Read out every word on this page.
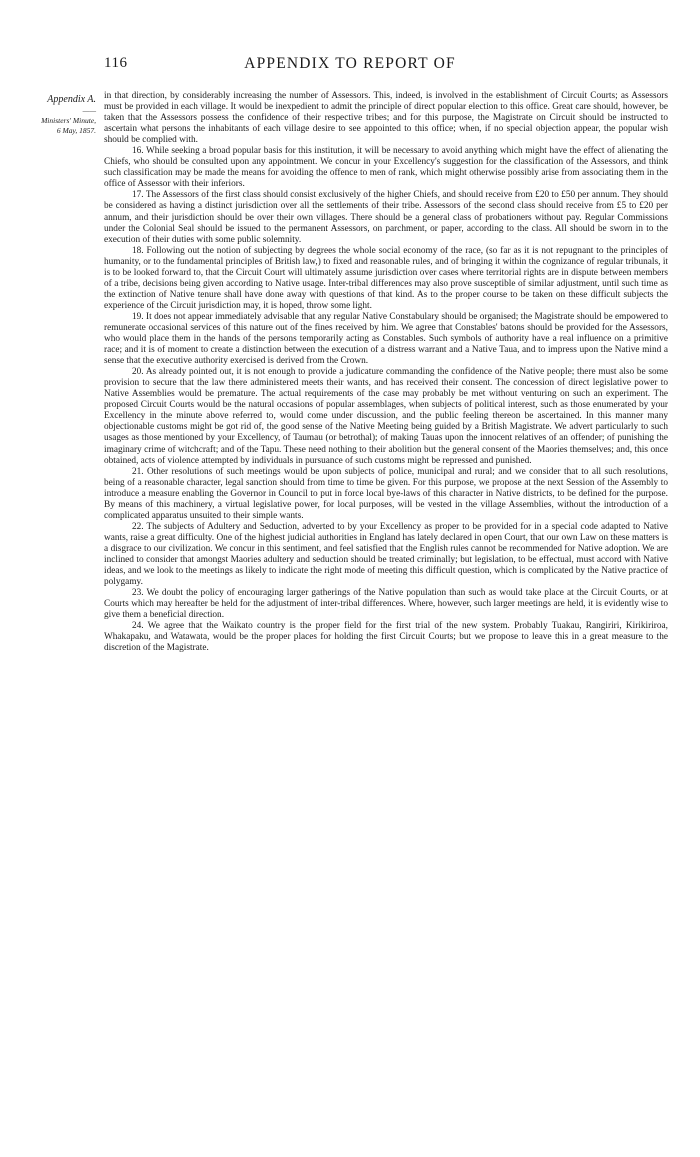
APPENDIX TO REPORT OF
116
Appendix A.
——
Ministers' Minute,
6 May, 1857.

in that direction, by considerably increasing the number of Assessors. This, indeed, is involved in the establishment of Circuit Courts; as Assessors must be provided in each village. It would be inexpedient to admit the principle of direct popular election to this office. Great care should, however, be taken that the Assessors possess the confidence of their respective tribes; and for this purpose, the Magistrate on Circuit should be instructed to ascertain what persons the inhabitants of each village desire to see appointed to this office; when, if no special objection appear, the popular wish should be complied with.

16. While seeking a broad popular basis for this institution, it will be necessary to avoid anything which might have the effect of alienating the Chiefs, who should be consulted upon any appointment. We concur in your Excellency's suggestion for the classification of the Assessors, and think such classification may be made the means for avoiding the offence to men of rank, which might otherwise possibly arise from associating them in the office of Assessor with their inferiors.

17. The Assessors of the first class should consist exclusively of the higher Chiefs, and should receive from £20 to £50 per annum. They should be considered as having a distinct jurisdiction over all the settlements of their tribe. Assessors of the second class should receive from £5 to £20 per annum, and their jurisdiction should be over their own villages. There should be a general class of probationers without pay. Regular Commissions under the Colonial Seal should be issued to the permanent Assessors, on parchment, or paper, according to the class. All should be sworn in to the execution of their duties with some public solemnity.

18. Following out the notion of subjecting by degrees the whole social economy of the race, (so far as it is not repugnant to the principles of humanity, or to the fundamental principles of British law,) to fixed and reasonable rules, and of bringing it within the cognizance of regular tribunals, it is to be looked forward to, that the Circuit Court will ultimately assume jurisdiction over cases where territorial rights are in dispute between members of a tribe, decisions being given according to Native usage. Inter-tribal differences may also prove susceptible of similar adjustment, until such time as the extinction of Native tenure shall have done away with questions of that kind. As to the proper course to be taken on these difficult subjects the experience of the Circuit jurisdiction may, it is hoped, throw some light.

19. It does not appear immediately advisable that any regular Native Constabulary should be organised; the Magistrate should be empowered to remunerate occasional services of this nature out of the fines received by him. We agree that Constables' batons should be provided for the Assessors, who would place them in the hands of the persons temporarily acting as Constables. Such symbols of authority have a real influence on a primitive race; and it is of moment to create a distinction between the execution of a distress warrant and a Native Taua, and to impress upon the Native mind a sense that the executive authority exercised is derived from the Crown.

20. As already pointed out, it is not enough to provide a judicature commanding the confidence of the Native people; there must also be some provision to secure that the law there administered meets their wants, and has received their consent. The concession of direct legislative power to Native Assemblies would be premature. The actual requirements of the case may probably be met without venturing on such an experiment. The proposed Circuit Courts would be the natural occasions of popular assemblages, when subjects of political interest, such as those enumerated by your Excellency in the minute above referred to, would come under discussion, and the public feeling thereon be ascertained. In this manner many objectionable customs might be got rid of, the good sense of the Native Meeting being guided by a British Magistrate. We advert particularly to such usages as those mentioned by your Excellency, of Taumau (or betrothal); of making Tauas upon the innocent relatives of an offender; of punishing the imaginary crime of witchcraft; and of the Tapu. These need nothing to their abolition but the general consent of the Maories themselves; and, this once obtained, acts of violence attempted by individuals in pursuance of such customs might be repressed and punished.

21. Other resolutions of such meetings would be upon subjects of police, municipal and rural; and we consider that to all such resolutions, being of a reasonable character, legal sanction should from time to time be given. For this purpose, we propose at the next Session of the Assembly to introduce a measure enabling the Governor in Council to put in force local bye-laws of this character in Native districts, to be defined for the purpose. By means of this machinery, a virtual legislative power, for local purposes, will be vested in the village Assemblies, without the introduction of a complicated apparatus unsuited to their simple wants.

22. The subjects of Adultery and Seduction, adverted to by your Excellency as proper to be provided for in a special code adapted to Native wants, raise a great difficulty. One of the highest judicial authorities in England has lately declared in open Court, that our own Law on these matters is a disgrace to our civilization. We concur in this sentiment, and feel satisfied that the English rules cannot be recommended for Native adoption. We are inclined to consider that amongst Maories adultery and seduction should be treated criminally; but legislation, to be effectual, must accord with Native ideas, and we look to the meetings as likely to indicate the right mode of meeting this difficult question, which is complicated by the Native practice of polygamy.

23. We doubt the policy of encouraging larger gatherings of the Native population than such as would take place at the Circuit Courts, or at Courts which may hereafter be held for the adjustment of inter-tribal differences. Where, however, such larger meetings are held, it is evidently wise to give them a beneficial direction.

24. We agree that the Waikato country is the proper field for the first trial of the new system. Probably Tuakau, Rangiriri, Kirikiriroa, Whakapaku, and Watawata, would be the proper places for holding the first Circuit Courts; but we propose to leave this in a great measure to the discretion of the Magistrate.
